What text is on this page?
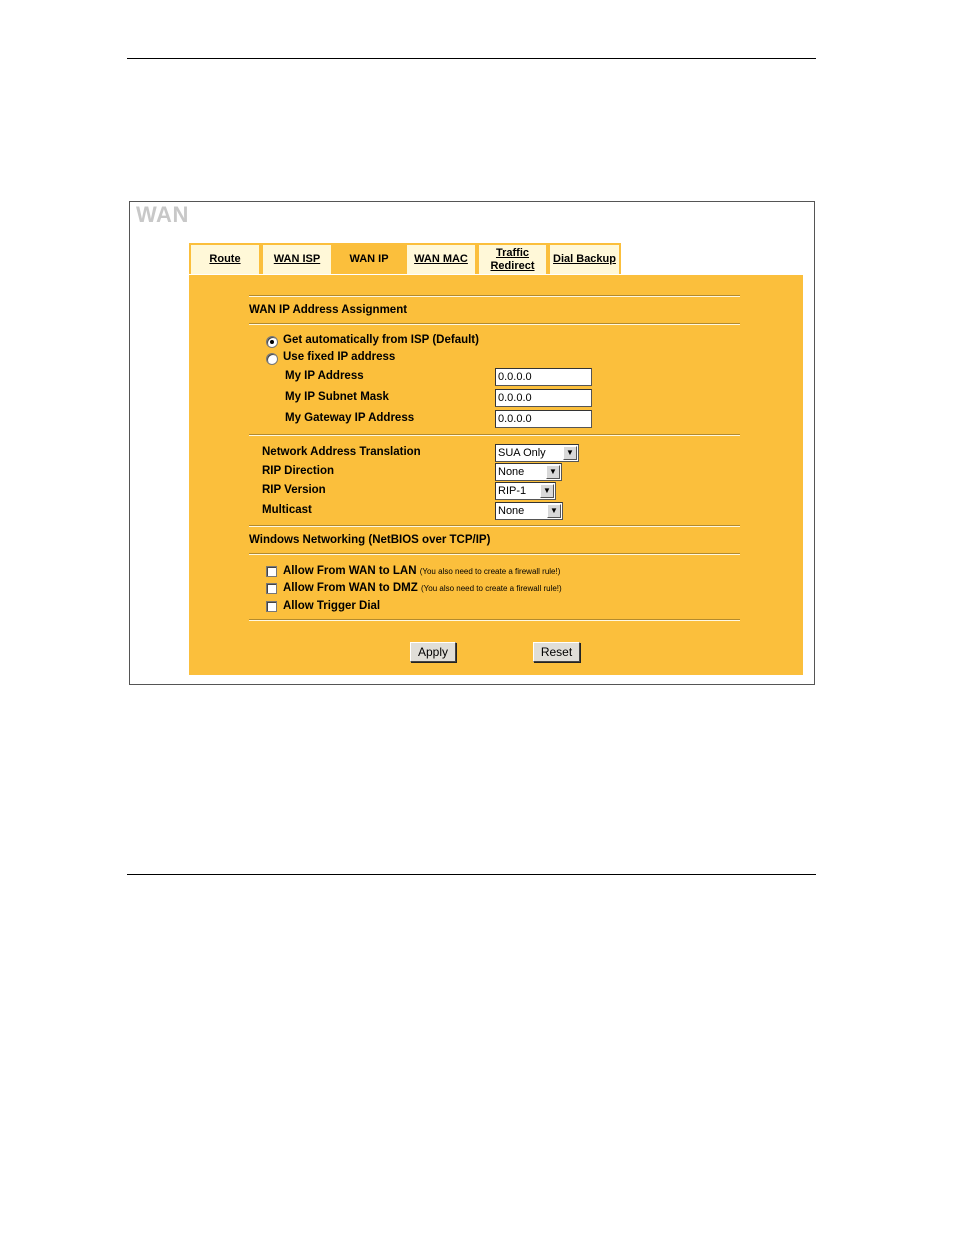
WAN
Route	WAN ISP	WAN IP	WAN MAC
Traffic
Redirect
Dial Backup
WAN IP Address Assignment
Get automatically from ISP (Default)
Use fixed IP address
My IP Address
0.0.0.0
My IP Subnet Mask
0.0.0.0
My Gateway IP Address
0.0.0.0
Network Address Translation	SUA Only	▼
RIP Direction	None	▼
RIP Version	RIP-1	▼
Multicast	None	▼
Windows Networking (NetBIOS over TCP/IP)
Allow From WAN to LAN (You also need to create a firewall rule!)
Allow From WAN to DMZ (You also need to create a firewall rule!)
Allow Trigger Dial
Apply	Reset
